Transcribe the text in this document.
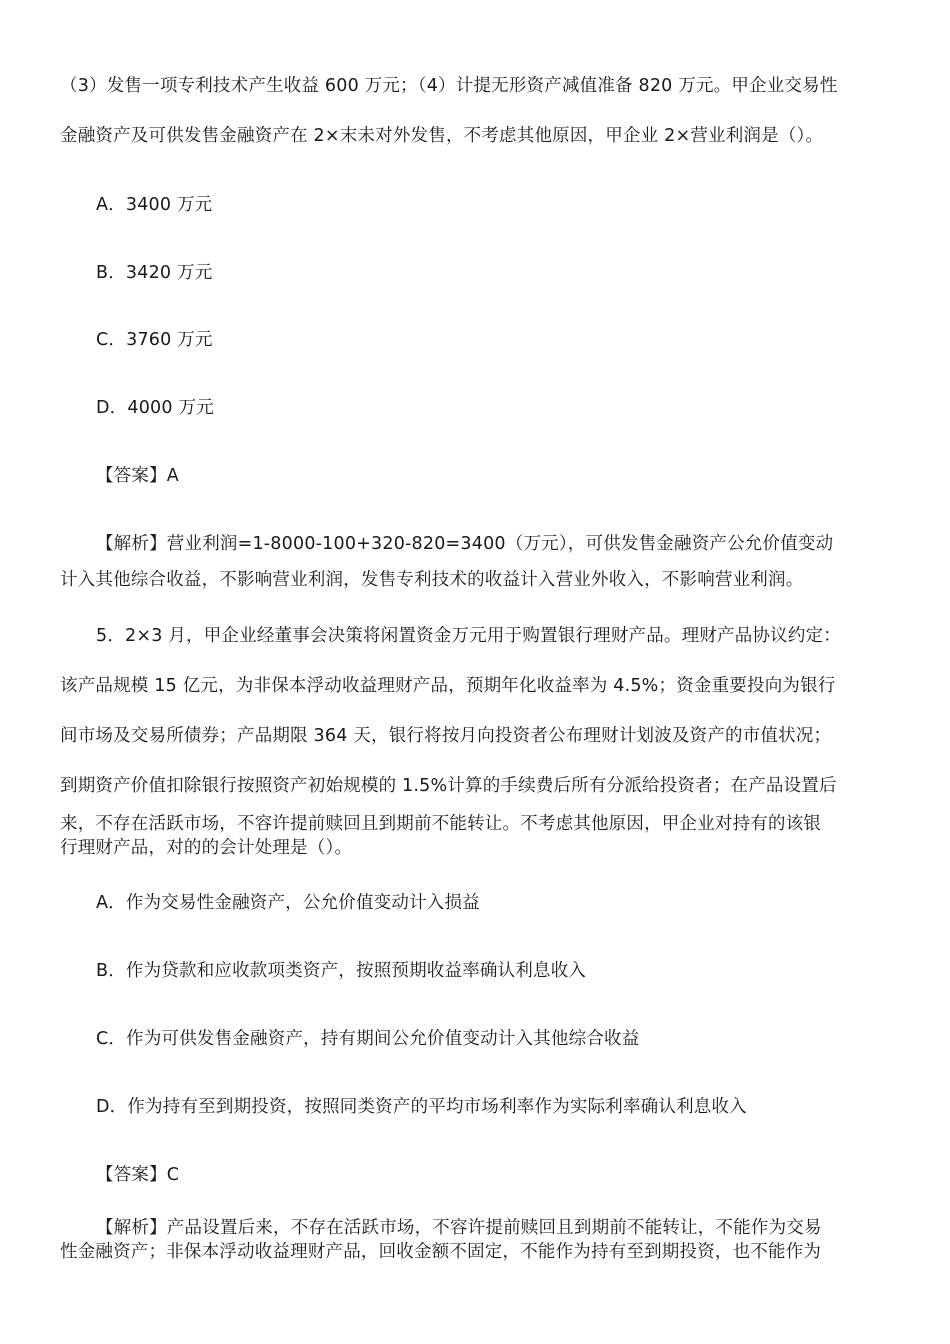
（3）发售一项专利技术产生收益 600 万元；（4）计提无形资产减值准备 820 万元。甲企业交易性
金融资产及可供发售金融资产在 2×末未对外发售，不考虑其他原因，甲企业 2×营业利润是（）。
A．3400 万元
B．3420 万元
C．3760 万元
D．4000 万元
【答案】A
【解析】营业利润=1-8000-100+320-820=3400（万元），可供发售金融资产公允价值变动
计入其他综合收益，不影响营业利润，发售专利技术的收益计入营业外收入，不影响营业利润。
5．2×3 月，甲企业经董事会决策将闲置资金万元用于购置银行理财产品。理财产品协议约定：
该产品规模 15 亿元，为非保本浮动收益理财产品，预期年化收益率为 4.5%；资金重要投向为银行
间市场及交易所债券；产品期限 364 天，银行将按月向投资者公布理财计划波及资产的市值状况；
到期资产价值扣除银行按照资产初始规模的 1.5%计算的手续费后所有分派给投资者；在产品设置后
来，不存在活跃市场，不容许提前赎回且到期前不能转让。不考虑其他原因，甲企业对持有的该银
行理财产品，对的的会计处理是（）。
A．作为交易性金融资产，公允价值变动计入损益
B．作为贷款和应收款项类资产，按照预期收益率确认利息收入
C．作为可供发售金融资产，持有期间公允价值变动计入其他综合收益
D．作为持有至到期投资，按照同类资产的平均市场利率作为实际利率确认利息收入
【答案】C
【解析】产品设置后来，不存在活跃市场，不容许提前赎回且到期前不能转让，不能作为交易
性金融资产；非保本浮动收益理财产品，回收金额不固定，不能作为持有至到期投资，也不能作为
